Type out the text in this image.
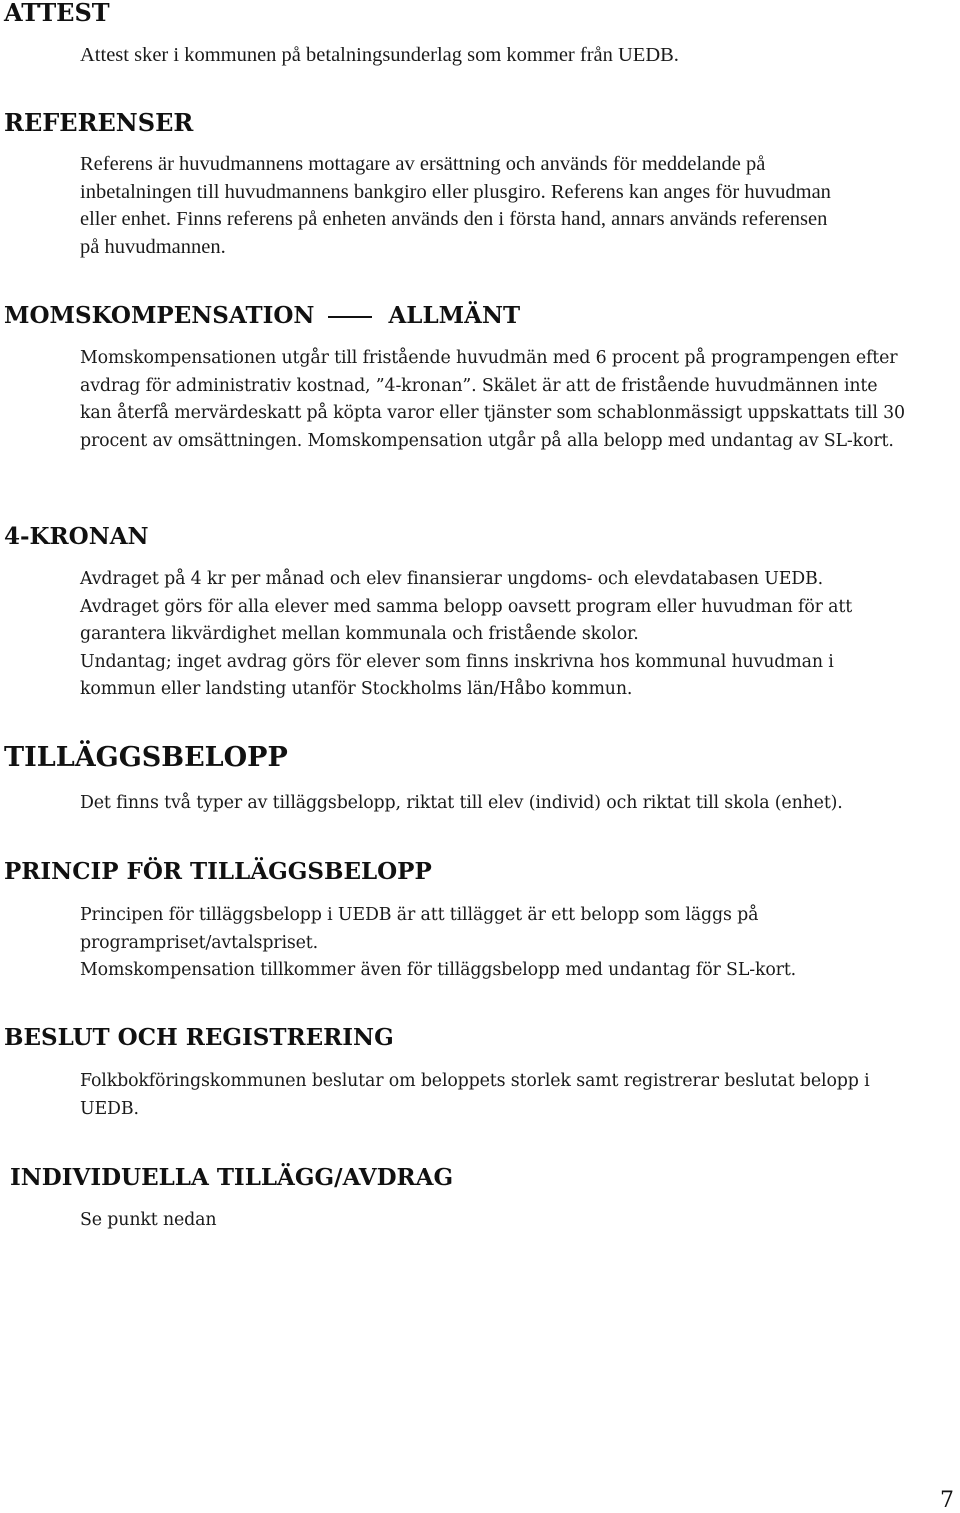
ATTEST
Attest sker i kommunen på betalningsunderlag som kommer från UEDB.
REFERENSER
Referens är huvudmannens mottagare av ersättning och används för meddelande på
inbetalningen till huvudmannens bankgiro eller plusgiro. Referens kan anges för huvudman
eller enhet. Finns referens på enheten används den i första hand, annars används referensen
på huvudmannen.
MOMSKOMPENSATION	ALLMÄNT
Momskompensationen utgår till fristående huvudmän med 6 procent på programpengen efter
avdrag för administrativ kostnad, ”4-kronan”. Skälet är att de fristående huvudmännen inte
kan återfå mervärdeskatt på köpta varor eller tjänster som schablonmässigt uppskattats till 30
procent av omsättningen. Momskompensation utgår på alla belopp med undantag av SL-kort.
4-KRONAN
Avdraget på 4 kr per månad och elev finansierar ungdoms- och elevdatabasen UEDB.
Avdraget görs för alla elever med samma belopp oavsett program eller huvudman för att
garantera likvärdighet mellan kommunala och fristående skolor.
Undantag; inget avdrag görs för elever som finns inskrivna hos kommunal huvudman i
kommun eller landsting utanför Stockholms län/Håbo kommun.
TILLÄGGSBELOPP
Det finns två typer av tilläggsbelopp, riktat till elev (individ) och riktat till skola (enhet).
PRINCIP FÖR TILLÄGGSBELOPP
Principen för tilläggsbelopp i UEDB är att tillägget är ett belopp som läggs på
programpriset/avtalspriset.
Momskompensation tillkommer även för tilläggsbelopp med undantag för SL-kort.
BESLUT OCH REGISTRERING
Folkbokföringskommunen beslutar om beloppets storlek samt registrerar beslutat belopp i
UEDB.
INDIVIDUELLA TILLÄGG/AVDRAG
Se punkt nedan
7
